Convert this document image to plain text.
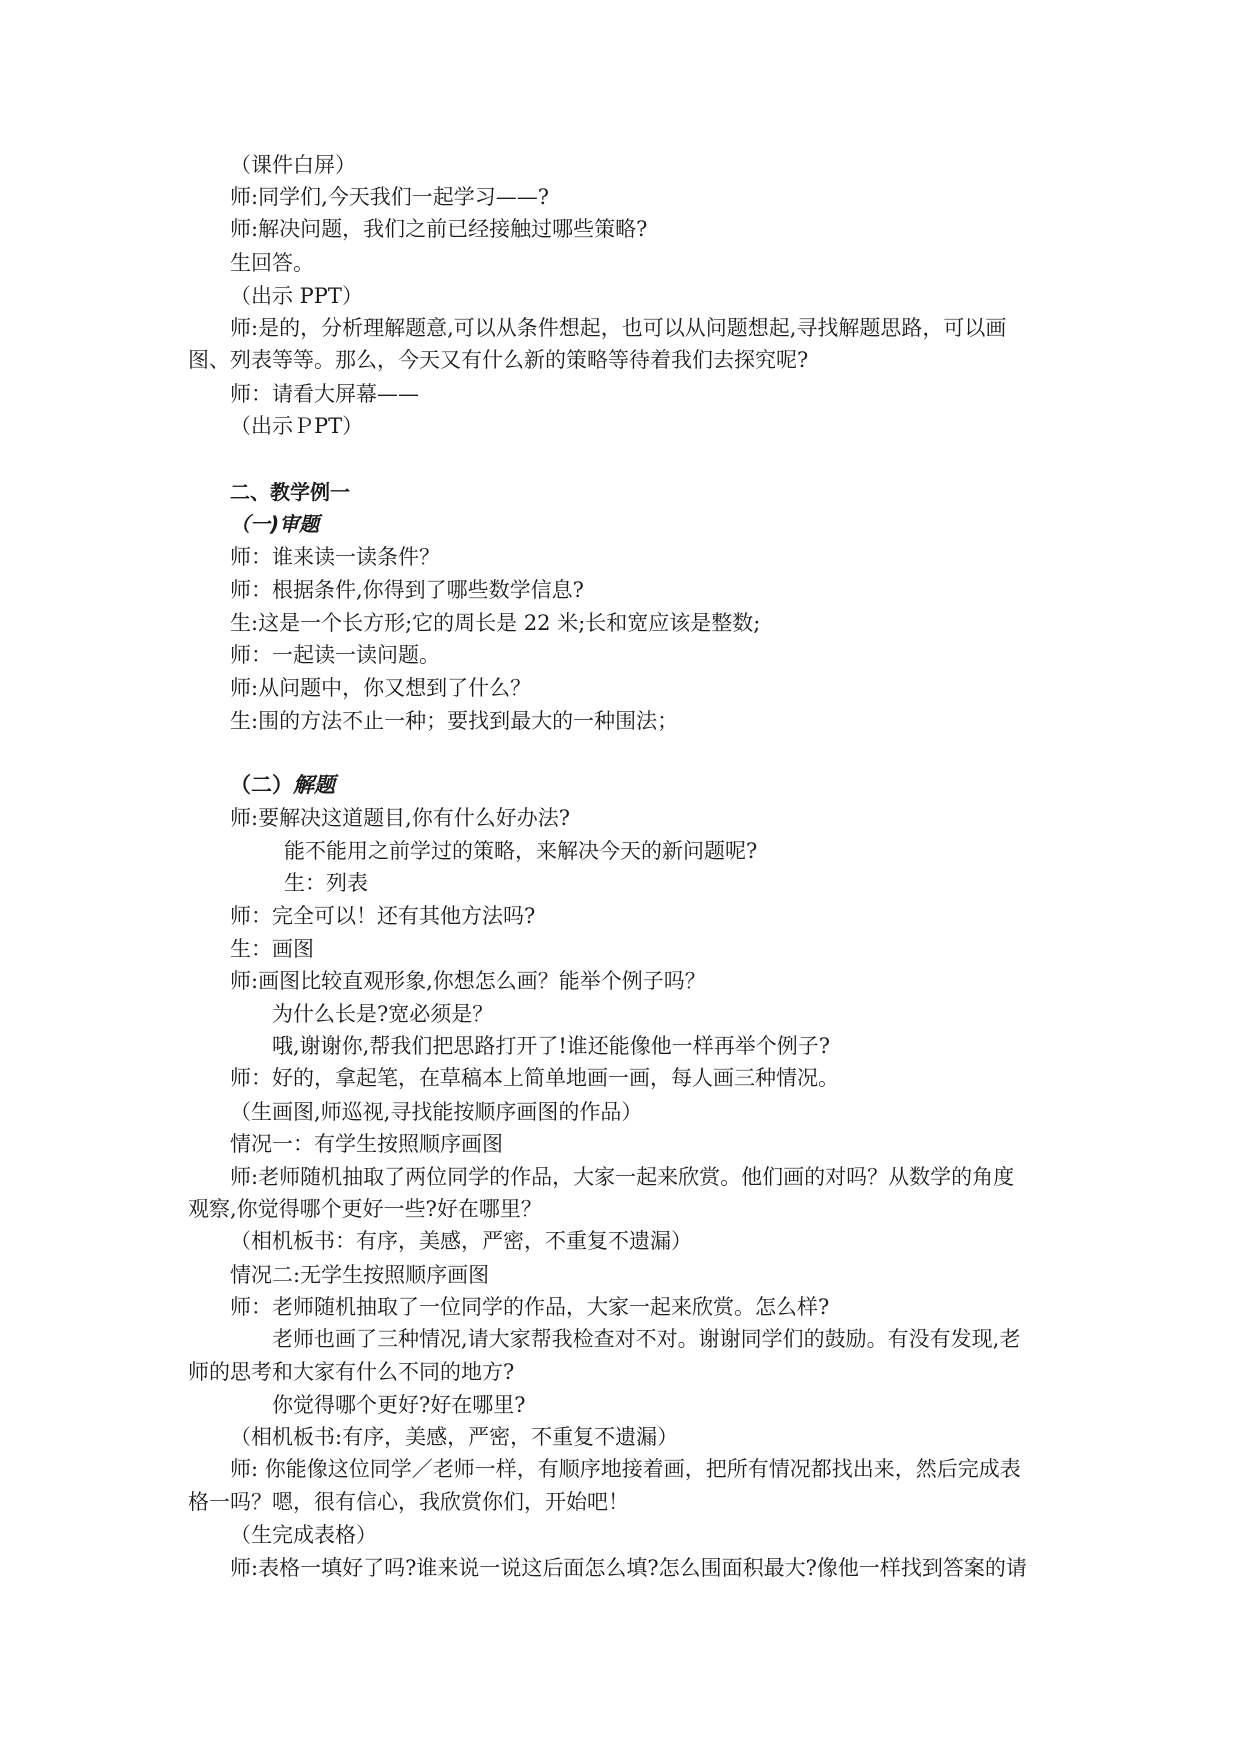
（课件白屏）
师:同学们,今天我们一起学习——?
师:解决问题，我们之前已经接触过哪些策略?
生回答。
（出示 PPT）
师:是的，分析理解题意,可以从条件想起，也可以从问题想起,寻找解题思路，可以画
图、列表等等。那么，今天又有什么新的策略等待着我们去探究呢?
师：请看大屏幕——
（出示ＰPT）
二、教学例一
（一)审题
师：谁来读一读条件？
师：根据条件,你得到了哪些数学信息?
生:这是一个长方形;它的周长是 22 米;长和宽应该是整数;
师：一起读一读问题。
师:从问题中，你又想到了什么？
生:围的方法不止一种；要找到最大的一种围法；
（二）解题
师:要解决这道题目,你有什么好办法?
能不能用之前学过的策略，来解决今天的新问题呢?
生：列表
师：完全可以！还有其他方法吗?
生：画图
师:画图比较直观形象,你想怎么画？能举个例子吗？
为什么长是?宽必须是？
哦,谢谢你,帮我们把思路打开了!谁还能像他一样再举个例子?
师：好的，拿起笔，在草稿本上简单地画一画，每人画三种情况。
（生画图,师巡视,寻找能按顺序画图的作品）
情况一：有学生按照顺序画图
师:老师随机抽取了两位同学的作品，大家一起来欣赏。他们画的对吗？从数学的角度
观察,你觉得哪个更好一些?好在哪里？
（相机板书：有序，美感，严密，不重复不遗漏）
情况二:无学生按照顺序画图
师：老师随机抽取了一位同学的作品，大家一起来欣赏。怎么样?
老师也画了三种情况,请大家帮我检查对不对。谢谢同学们的鼓励。有没有发现,老
师的思考和大家有什么不同的地方?
你觉得哪个更好?好在哪里?
（相机板书:有序，美感，严密，不重复不遗漏）
师: 你能像这位同学／老师一样，有顺序地接着画，把所有情况都找出来，然后完成表
格一吗？嗯，很有信心，我欣赏你们，开始吧！
（生完成表格）
师:表格一填好了吗?谁来说一说这后面怎么填?怎么围面积最大?像他一样找到答案的请
